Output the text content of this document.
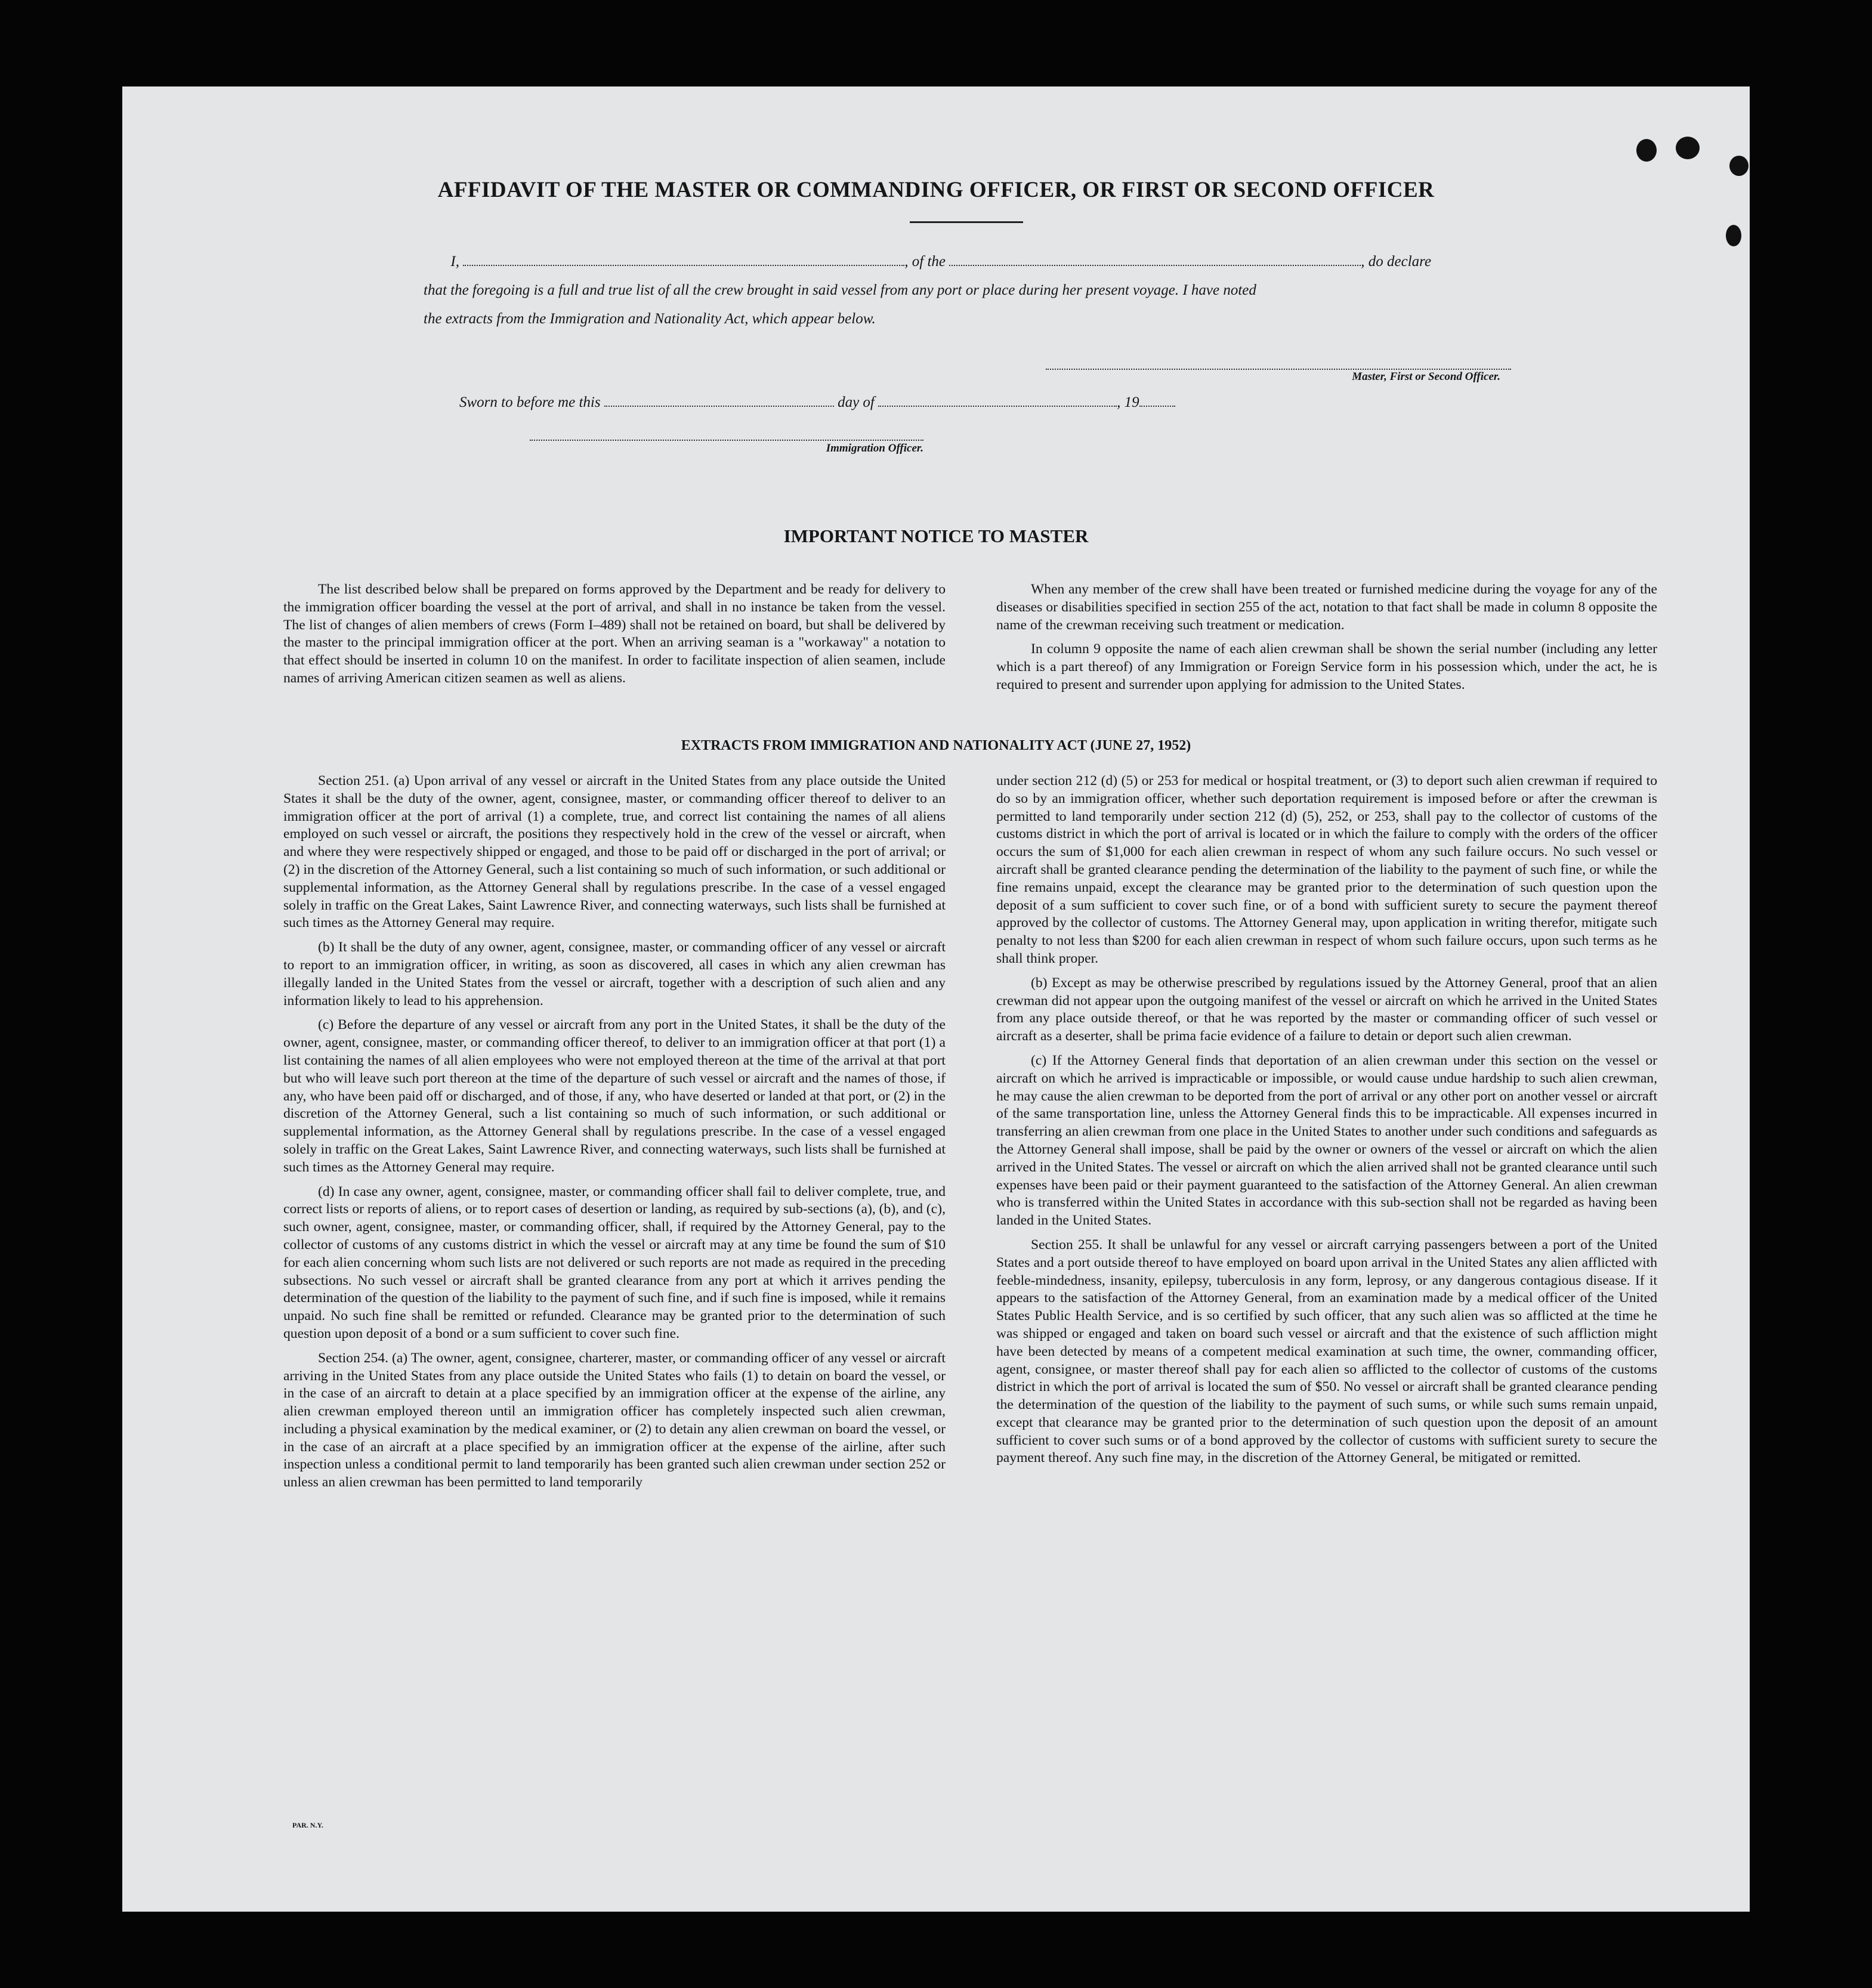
AFFIDAVIT OF THE MASTER OR COMMANDING OFFICER, OR FIRST OR SECOND OFFICER
I,	, of the	, do declare
that the foregoing is a full and true list of all the crew brought in said vessel from any port or place during her present voyage. I have noted
the extracts from the Immigration and Nationality Act, which appear below.
Master, First or Second Officer.
Sworn to before me this	day of	, 19
Immigration Officer.
IMPORTANT NOTICE TO MASTER

The list described below shall be prepared on forms approved by the Department and be ready for delivery to the immigration officer boarding the vessel at the port of arrival, and shall in no instance be taken from the vessel. The list of changes of alien members of crews (Form I–489) shall not be retained on board, but shall be delivered by the master to the principal immigration officer at the port. When an arriving seaman is a "workaway" a notation to that effect should be inserted in column 10 on the manifest. In order to facilitate inspection of alien seamen, include names of arriving American citizen seamen as well as aliens.

When any member of the crew shall have been treated or furnished medicine during the voyage for any of the diseases or disabilities specified in section 255 of the act, notation to that fact shall be made in column 8 opposite the name of the crewman receiving such treatment or medication.

In column 9 opposite the name of each alien crewman shall be shown the serial number (including any letter which is a part thereof) of any Immigration or Foreign Service form in his possession which, under the act, he is required to present and surrender upon applying for admission to the United States.

EXTRACTS FROM IMMIGRATION AND NATIONALITY ACT (JUNE 27, 1952)

Section 251. (a) Upon arrival of any vessel or aircraft in the United States from any place outside the United States it shall be the duty of the owner, agent, consignee, master, or commanding officer thereof to deliver to an immigration officer at the port of arrival (1) a complete, true, and correct list containing the names of all aliens employed on such vessel or aircraft, the positions they respectively hold in the crew of the vessel or aircraft, when and where they were respectively shipped or engaged, and those to be paid off or discharged in the port of arrival; or (2) in the discretion of the Attorney General, such a list containing so much of such information, or such additional or supplemental information, as the Attorney General shall by regulations prescribe. In the case of a vessel engaged solely in traffic on the Great Lakes, Saint Lawrence River, and connecting waterways, such lists shall be furnished at such times as the Attorney General may require.

(b) It shall be the duty of any owner, agent, consignee, master, or commanding officer of any vessel or aircraft to report to an immigration officer, in writing, as soon as discovered, all cases in which any alien crewman has illegally landed in the United States from the vessel or aircraft, together with a description of such alien and any information likely to lead to his apprehension.

(c) Before the departure of any vessel or aircraft from any port in the United States, it shall be the duty of the owner, agent, consignee, master, or commanding officer thereof, to deliver to an immigration officer at that port (1) a list containing the names of all alien employees who were not employed thereon at the time of the arrival at that port but who will leave such port thereon at the time of the departure of such vessel or aircraft and the names of those, if any, who have been paid off or discharged, and of those, if any, who have deserted or landed at that port, or (2) in the discretion of the Attorney General, such a list containing so much of such information, or such additional or supplemental information, as the Attorney General shall by regulations prescribe. In the case of a vessel engaged solely in traffic on the Great Lakes, Saint Lawrence River, and connecting waterways, such lists shall be furnished at such times as the Attorney General may require.

(d) In case any owner, agent, consignee, master, or commanding officer shall fail to deliver complete, true, and correct lists or reports of aliens, or to report cases of desertion or landing, as required by sub-sections (a), (b), and (c), such owner, agent, consignee, master, or commanding officer, shall, if required by the Attorney General, pay to the collector of customs of any customs district in which the vessel or aircraft may at any time be found the sum of $10 for each alien concerning whom such lists are not delivered or such reports are not made as required in the preceding subsections. No such vessel or aircraft shall be granted clearance from any port at which it arrives pending the determination of the question of the liability to the payment of such fine, and if such fine is imposed, while it remains unpaid. No such fine shall be remitted or refunded. Clearance may be granted prior to the determination of such question upon deposit of a bond or a sum sufficient to cover such fine.

Section 254. (a) The owner, agent, consignee, charterer, master, or commanding officer of any vessel or aircraft arriving in the United States from any place outside the United States who fails (1) to detain on board the vessel, or in the case of an aircraft to detain at a place specified by an immigration officer at the expense of the airline, any alien crewman employed thereon until an immigration officer has completely inspected such alien crewman, including a physical examination by the medical examiner, or (2) to detain any alien crewman on board the vessel, or in the case of an aircraft at a place specified by an immigration officer at the expense of the airline, after such inspection unless a conditional permit to land temporarily has been granted such alien crewman under section 252 or unless an alien crewman has been permitted to land temporarily

under section 212 (d) (5) or 253 for medical or hospital treatment, or (3) to deport such alien crewman if required to do so by an immigration officer, whether such deportation requirement is imposed before or after the crewman is permitted to land temporarily under section 212 (d) (5), 252, or 253, shall pay to the collector of customs of the customs district in which the port of arrival is located or in which the failure to comply with the orders of the officer occurs the sum of $1,000 for each alien crewman in respect of whom any such failure occurs. No such vessel or aircraft shall be granted clearance pending the determination of the liability to the payment of such fine, or while the fine remains unpaid, except the clearance may be granted prior to the determination of such question upon the deposit of a sum sufficient to cover such fine, or of a bond with sufficient surety to secure the payment thereof approved by the collector of customs. The Attorney General may, upon application in writing therefor, mitigate such penalty to not less than $200 for each alien crewman in respect of whom such failure occurs, upon such terms as he shall think proper.

(b) Except as may be otherwise prescribed by regulations issued by the Attorney General, proof that an alien crewman did not appear upon the outgoing manifest of the vessel or aircraft on which he arrived in the United States from any place outside thereof, or that he was reported by the master or commanding officer of such vessel or aircraft as a deserter, shall be prima facie evidence of a failure to detain or deport such alien crewman.

(c) If the Attorney General finds that deportation of an alien crewman under this section on the vessel or aircraft on which he arrived is impracticable or impossible, or would cause undue hardship to such alien crewman, he may cause the alien crewman to be deported from the port of arrival or any other port on another vessel or aircraft of the same transportation line, unless the Attorney General finds this to be impracticable. All expenses incurred in transferring an alien crewman from one place in the United States to another under such conditions and safeguards as the Attorney General shall impose, shall be paid by the owner or owners of the vessel or aircraft on which the alien arrived in the United States. The vessel or aircraft on which the alien arrived shall not be granted clearance until such expenses have been paid or their payment guaranteed to the satisfaction of the Attorney General. An alien crewman who is transferred within the United States in accordance with this sub-section shall not be regarded as having been landed in the United States.

Section 255. It shall be unlawful for any vessel or aircraft carrying passengers between a port of the United States and a port outside thereof to have employed on board upon arrival in the United States any alien afflicted with feeble-mindedness, insanity, epilepsy, tuberculosis in any form, leprosy, or any dangerous contagious disease. If it appears to the satisfaction of the Attorney General, from an examination made by a medical officer of the United States Public Health Service, and is so certified by such officer, that any such alien was so afflicted at the time he was shipped or engaged and taken on board such vessel or aircraft and that the existence of such affliction might have been detected by means of a competent medical examination at such time, the owner, commanding officer, agent, consignee, or master thereof shall pay for each alien so afflicted to the collector of customs of the customs district in which the port of arrival is located the sum of $50. No vessel or aircraft shall be granted clearance pending the determination of the question of the liability to the payment of such sums, or while such sums remain unpaid, except that clearance may be granted prior to the determination of such question upon the deposit of an amount sufficient to cover such sums or of a bond approved by the collector of customs with sufficient surety to secure the payment thereof. Any such fine may, in the discretion of the Attorney General, be mitigated or remitted.

PAR. N.Y.
